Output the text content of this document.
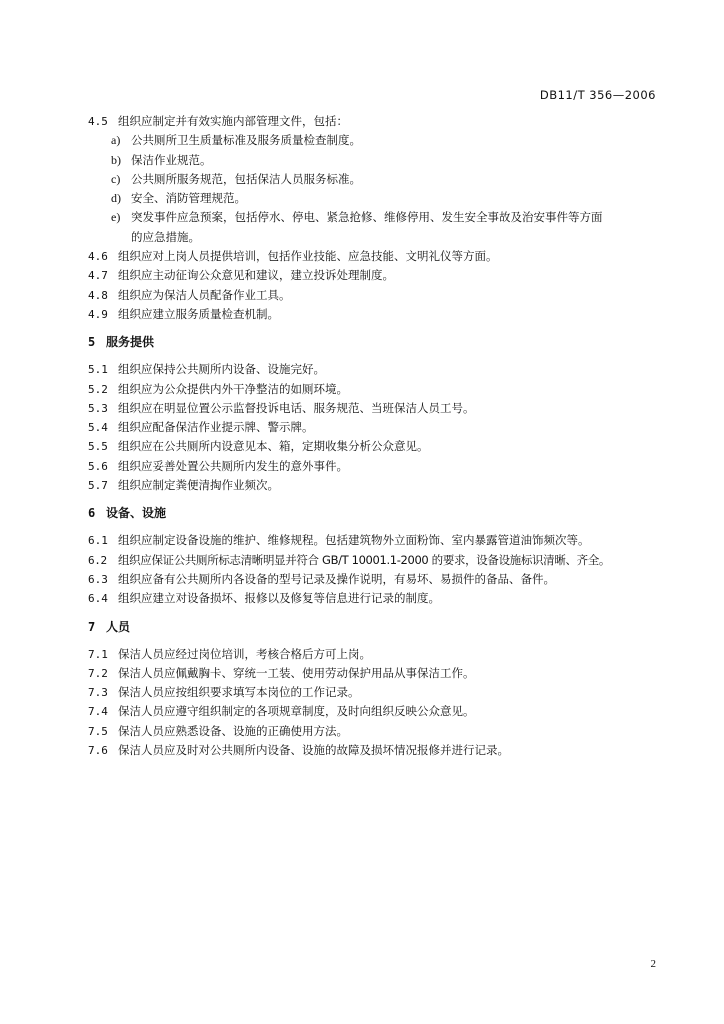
DB11/T 356—2006
4.5 组织应制定并有效实施内部管理文件，包括：
a) 公共厕所卫生质量标准及服务质量检查制度。
b) 保洁作业规范。
c) 公共厕所服务规范，包括保洁人员服务标准。
d) 安全、消防管理规范。
e) 突发事件应急预案，包括停水、停电、紧急抢修、维修停用、发生安全事故及治安事件等方面
的应急措施。
4.6 组织应对上岗人员提供培训，包括作业技能、应急技能、文明礼仪等方面。
4.7 组织应主动征询公众意见和建议，建立投诉处理制度。
4.8 组织应为保洁人员配备作业工具。
4.9 组织应建立服务质量检查机制。
5 服务提供
5.1 组织应保持公共厕所内设备、设施完好。
5.2 组织应为公众提供内外干净整洁的如厕环境。
5.3 组织应在明显位置公示监督投诉电话、服务规范、当班保洁人员工号。
5.4 组织应配备保洁作业提示牌、警示牌。
5.5 组织应在公共厕所内设意见本、箱，定期收集分析公众意见。
5.6 组织应妥善处置公共厕所内发生的意外事件。
5.7 组织应制定粪便清掏作业频次。
6 设备、设施
6.1 组织应制定设备设施的维护、维修规程。包括建筑物外立面粉饰、室内暴露管道油饰频次等。
6.2 组织应保证公共厕所标志清晰明显并符合 GB/T 10001.1-2000 的要求，设备设施标识清晰、齐全。
6.3 组织应备有公共厕所内各设备的型号记录及操作说明，有易坏、易损件的备品、备件。
6.4 组织应建立对设备损坏、报修以及修复等信息进行记录的制度。
7 人员
7.1 保洁人员应经过岗位培训，考核合格后方可上岗。
7.2 保洁人员应佩戴胸卡、穿统一工装、使用劳动保护用品从事保洁工作。
7.3 保洁人员应按组织要求填写本岗位的工作记录。
7.4 保洁人员应遵守组织制定的各项规章制度，及时向组织反映公众意见。
7.5 保洁人员应熟悉设备、设施的正确使用方法。
7.6 保洁人员应及时对公共厕所内设备、设施的故障及损坏情况报修并进行记录。
2
